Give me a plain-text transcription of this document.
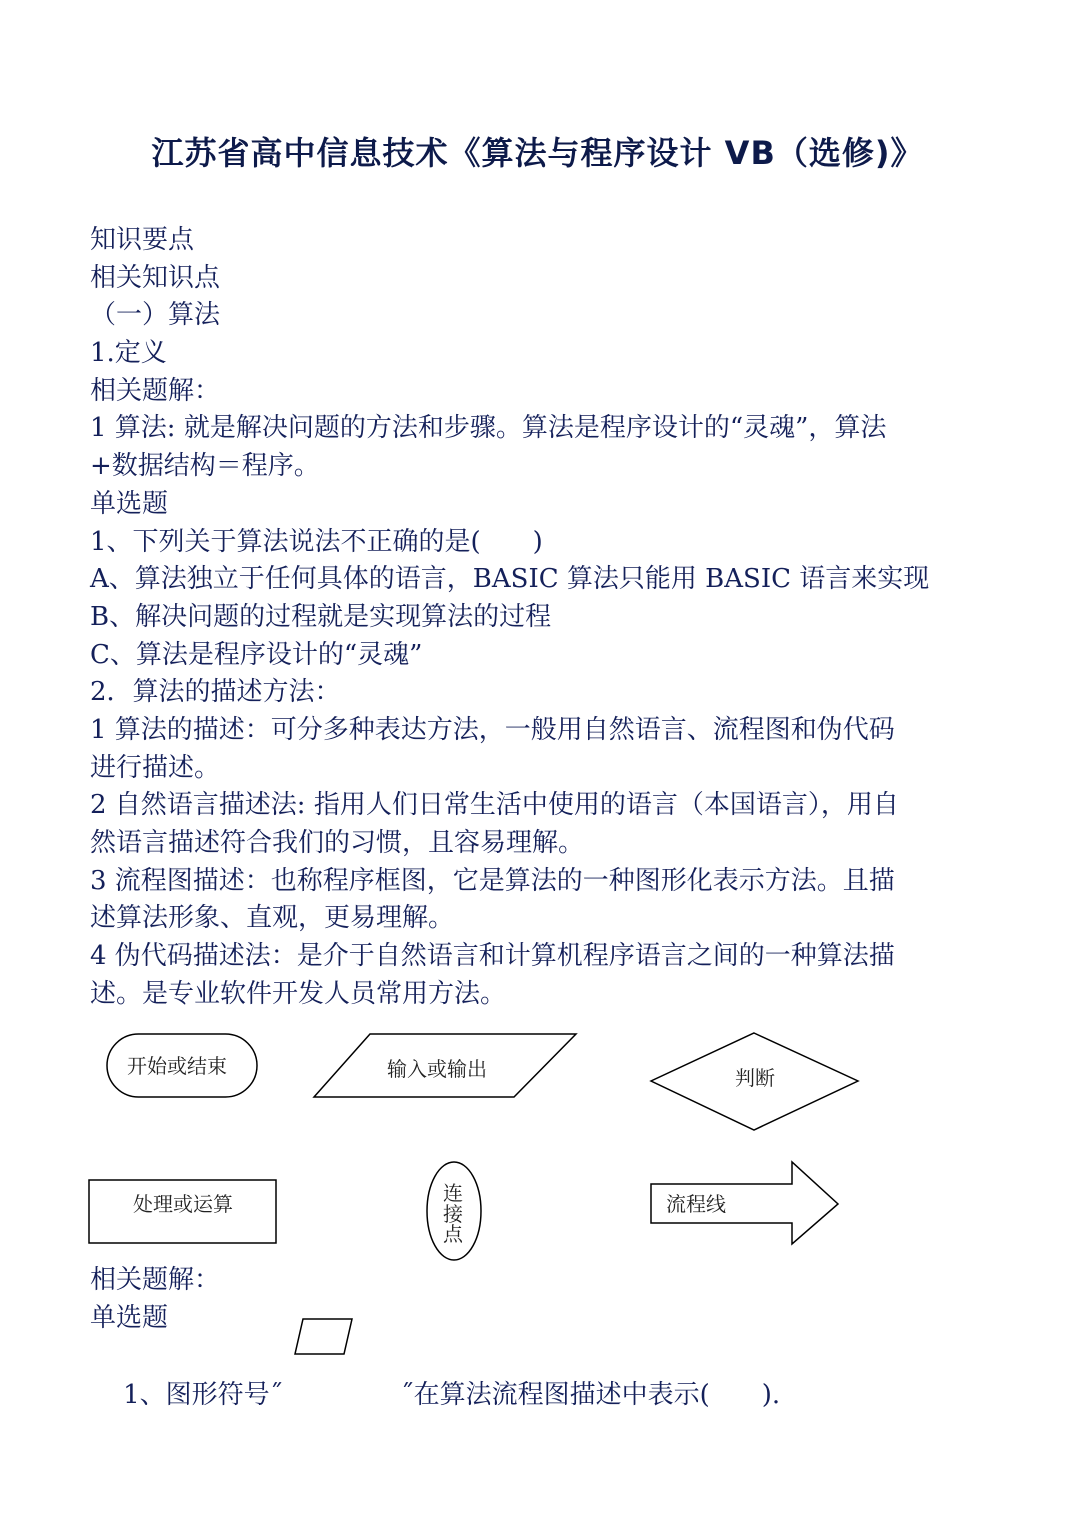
江苏省高中信息技术《算法与程序设计 VB（选修)》
知识要点
相关知识点
（一）算法
1.定义
相关题解：
1 算法: 就是解决问题的方法和步骤。算法是程序设计的“灵魂”，算法
+数据结构＝程序。
单选题
1、下列关于算法说法不正确的是(　　)
A、算法独立于任何具体的语言，BASIC 算法只能用 BASIC 语言来实现
B、解决问题的过程就是实现算法的过程
C、算法是程序设计的“灵魂”
2．算法的描述方法：
1 算法的描述：可分多种表达方法，一般用自然语言、流程图和伪代码
进行描述。
2 自然语言描述法: 指用人们日常生活中使用的语言（本国语言），用自
然语言描述符合我们的习惯，且容易理解。
3 流程图描述：也称程序框图，它是算法的一种图形化表示方法。且描
述算法形象、直观，更易理解。
4 伪代码描述法：是介于自然语言和计算机程序语言之间的一种算法描
述。是专业软件开发人员常用方法。
开始或结束	输入或输出	判断
处理或运算	连
接
点
流程线
相关题解：
单选题

1、图形符号˝	˝在算法流程图描述中表示(　　).
